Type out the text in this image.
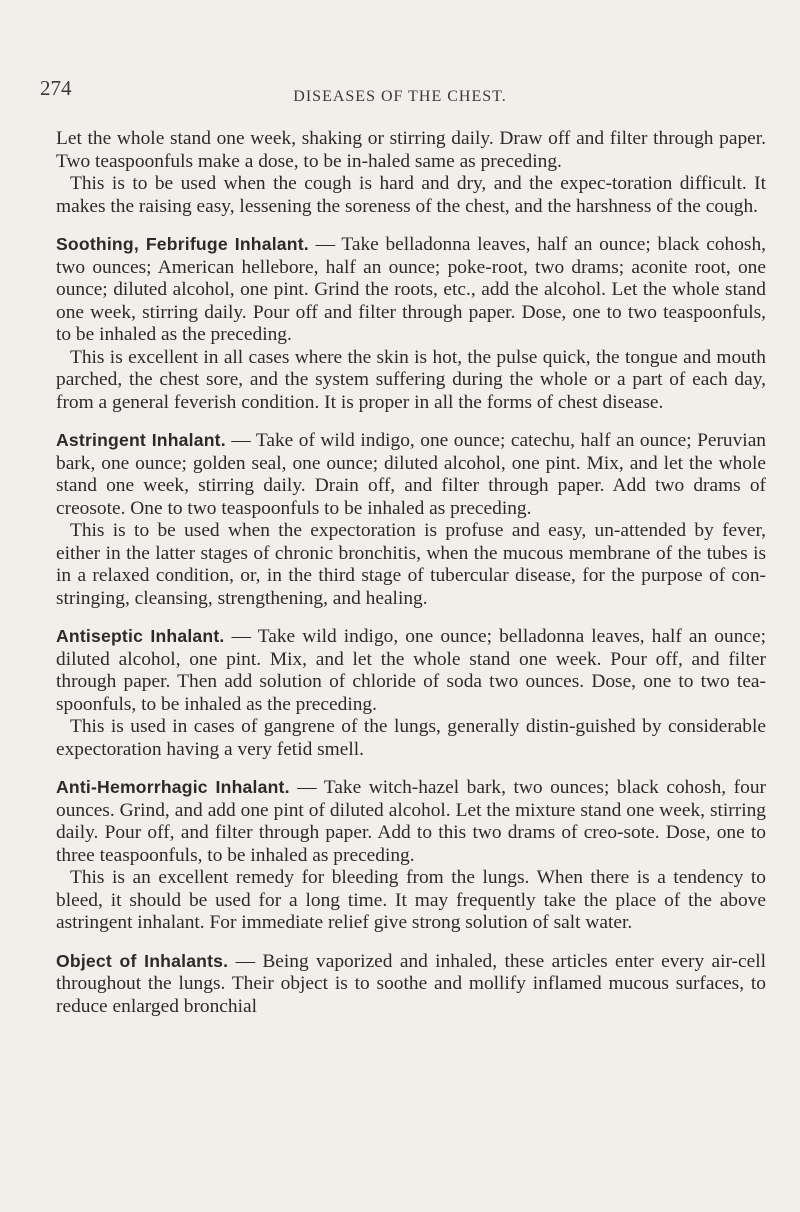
274	DISEASES OF THE CHEST.

Let the whole stand one week, shaking or stirring daily. Draw off and filter through paper. Two teaspoonfuls make a dose, to be in-haled same as preceding.

This is to be used when the cough is hard and dry, and the expec-toration difficult. It makes the raising easy, lessening the soreness of the chest, and the harshness of the cough.

Soothing, Febrifuge Inhalant. — Take belladonna leaves, half an ounce; black cohosh, two ounces; American hellebore, half an ounce; poke-root, two drams; aconite root, one ounce; diluted alcohol, one pint. Grind the roots, etc., add the alcohol. Let the whole stand one week, stirring daily. Pour off and filter through paper. Dose, one to two teaspoonfuls, to be inhaled as the preceding.

This is excellent in all cases where the skin is hot, the pulse quick, the tongue and mouth parched, the chest sore, and the system suffering during the whole or a part of each day, from a general feverish condition. It is proper in all the forms of chest disease.

Astringent Inhalant. — Take of wild indigo, one ounce; catechu, half an ounce; Peruvian bark, one ounce; golden seal, one ounce; diluted alcohol, one pint. Mix, and let the whole stand one week, stirring daily. Drain off, and filter through paper. Add two drams of creosote. One to two teaspoonfuls to be inhaled as preceding.

This is to be used when the expectoration is profuse and easy, un-attended by fever, either in the latter stages of chronic bronchitis, when the mucous membrane of the tubes is in a relaxed condition, or, in the third stage of tubercular disease, for the purpose of con-stringing, cleansing, strengthening, and healing.

Antiseptic Inhalant. — Take wild indigo, one ounce; belladonna leaves, half an ounce; diluted alcohol, one pint. Mix, and let the whole stand one week. Pour off, and filter through paper. Then add solution of chloride of soda two ounces. Dose, one to two tea-spoonfuls, to be inhaled as the preceding.

This is used in cases of gangrene of the lungs, generally distin-guished by considerable expectoration having a very fetid smell.

Anti-Hemorrhagic Inhalant. — Take witch-hazel bark, two ounces; black cohosh, four ounces. Grind, and add one pint of diluted alcohol. Let the mixture stand one week, stirring daily. Pour off, and filter through paper. Add to this two drams of creo-sote. Dose, one to three teaspoonfuls, to be inhaled as preceding.

This is an excellent remedy for bleeding from the lungs. When there is a tendency to bleed, it should be used for a long time. It may frequently take the place of the above astringent inhalant. For immediate relief give strong solution of salt water.

Object of Inhalants. — Being vaporized and inhaled, these articles enter every air-cell throughout the lungs. Their object is to soothe and mollify inflamed mucous surfaces, to reduce enlarged bronchial
